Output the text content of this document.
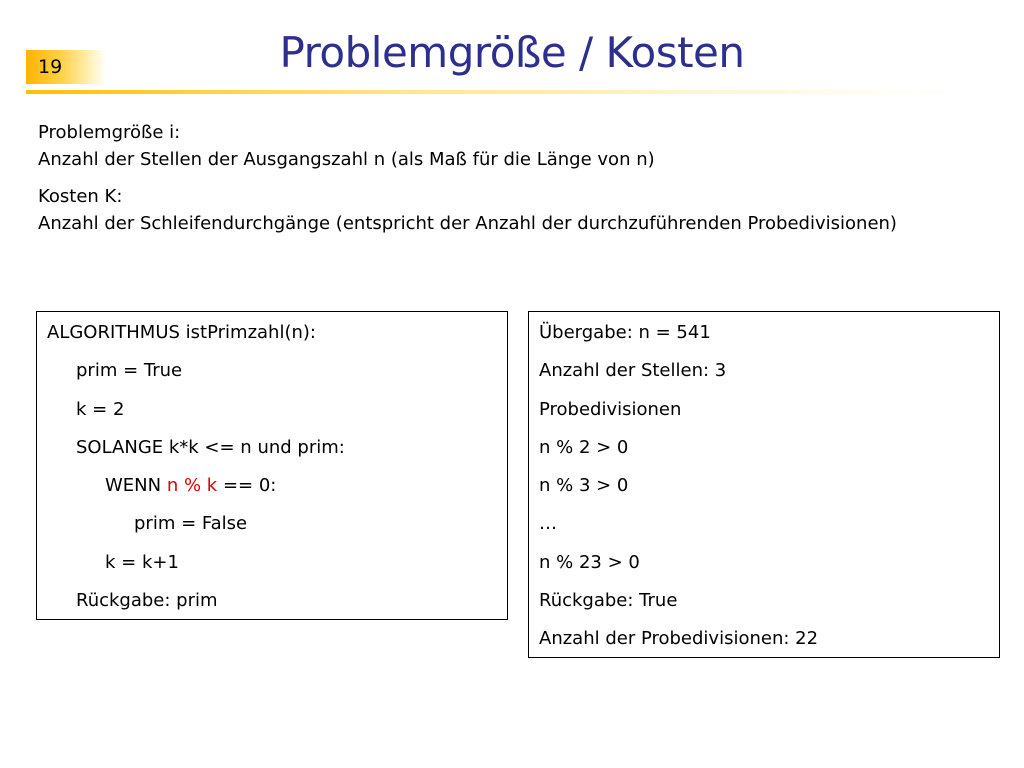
19	Problemgröße / Kosten

Problemgröße i:
Anzahl der Stellen der Ausgangszahl n (als Maß für die Länge von n)

Kosten K:
Anzahl der Schleifendurchgänge (entspricht der Anzahl der durchzuführenden Probedivisionen)

ALGORITHMUS istPrimzahl(n):
prim = True
k = 2
SOLANGE k*k <= n und prim:
WENN n % k == 0:
prim = False
k = k+1
Rückgabe: prim
Übergabe: n = 541
Anzahl der Stellen: 3
Probedivisionen
n % 2 > 0
n % 3 > 0
…
n % 23 > 0
Rückgabe: True
Anzahl der Probedivisionen: 22
